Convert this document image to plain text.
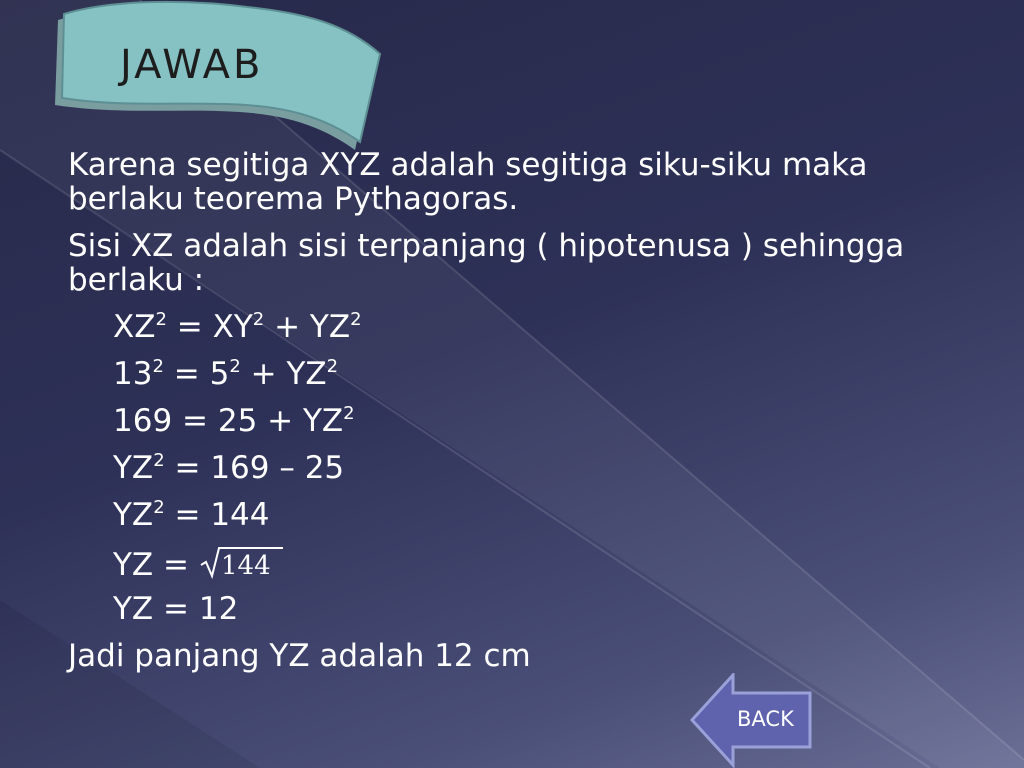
JAWAB

Karena segitiga XYZ adalah segitiga siku-siku maka berlaku teorema Pythagoras.

Sisi XZ adalah sisi terpanjang ( hipotenusa ) sehingga berlaku :

$XZ^2 = XY^2 + YZ^2$
$13^2 = 5^2 + YZ^2$
$169 = 25 + YZ^2$
$YZ^2 = 169 - 25$
$YZ^2 = 144$
YZ = 144
YZ = 12

Jadi panjang YZ adalah 12 cm

BACK
